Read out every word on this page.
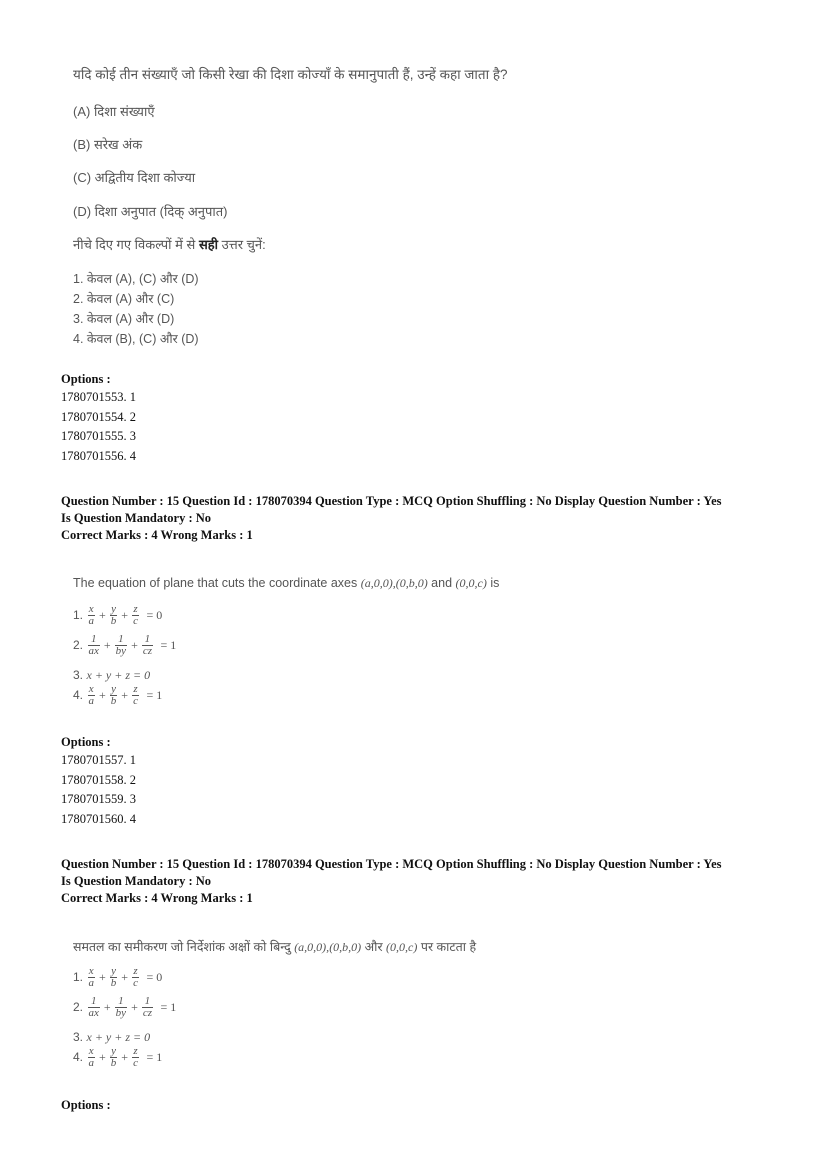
यदि कोई तीन संख्याएँ जो किसी रेखा की दिशा कोज्याँ के समानुपाती हैं, उन्हें कहा जाता है?
(A) दिशा संख्याएँ
(B) सरेख अंक
(C) अद्वितीय दिशा कोज्या
(D) दिशा अनुपात (दिक् अनुपात)
नीचे दिए गए विकल्पों में से सही उत्तर चुनें:
1. केवल (A), (C) और (D)
2. केवल (A) और (C)
3. केवल (A) और (D)
4. केवल (B), (C) और (D)
Options :
1780701553. 1
1780701554. 2
1780701555. 3
1780701556. 4
Question Number : 15 Question Id : 178070394 Question Type : MCQ Option Shuffling : No Display Question Number : Yes
Is Question Mandatory : No
Correct Marks : 4 Wrong Marks : 1
The equation of plane that cuts the coordinate axes (a,0,0),(0,b,0) and (0,0,c) is
1. $\frac{x}{a} + \frac{y}{b} + \frac{z}{c} = 0$
2. $\frac{1}{ax} + \frac{1}{by} + \frac{1}{cz} = 1$
3. x + y + z = 0
4. $\frac{x}{a} + \frac{y}{b} + \frac{z}{c} = 1$
Options :
1780701557. 1
1780701558. 2
1780701559. 3
1780701560. 4
Question Number : 15 Question Id : 178070394 Question Type : MCQ Option Shuffling : No Display Question Number : Yes
Is Question Mandatory : No
Correct Marks : 4 Wrong Marks : 1
समतल का समीकरण जो निर्देशांक अक्षों को बिन्दु (a,0,0),(0,b,0) और (0,0,c) पर काटता है
1. $\frac{x}{a} + \frac{y}{b} + \frac{z}{c} = 0$
2. $\frac{1}{ax} + \frac{1}{by} + \frac{1}{cz} = 1$
3. x + y + z = 0
4. $\frac{x}{a} + \frac{y}{b} + \frac{z}{c} = 1$
Options :
